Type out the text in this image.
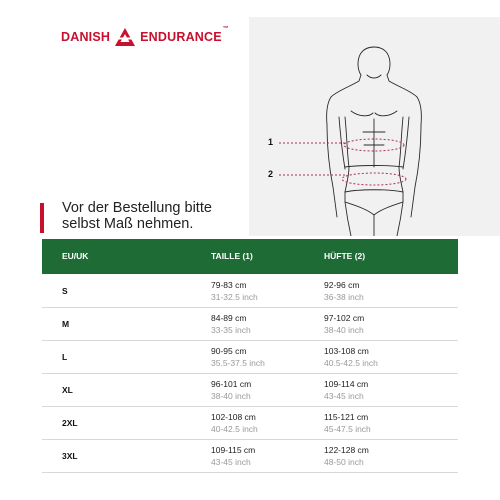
DANISH ENDURANCE
™
1
2
Vor der Bestellung bitte
selbst Maß nehmen.
EU/UK	TAILLE (1)	HÜFTE (2)
S
79-83 cm
31-32.5 inch
92-96 cm
36-38 inch
M
84-89 cm
33-35 inch
97-102 cm
38-40 inch
L
90-95 cm
35.5-37.5 inch
103-108 cm
40.5-42.5 inch
XL
96-101 cm
38-40 inch
109-114 cm
43-45 inch
2XL
102-108 cm
40-42.5 inch
115-121 cm
45-47.5 inch
3XL
109-115 cm
43-45 inch
122-128 cm
48-50 inch
